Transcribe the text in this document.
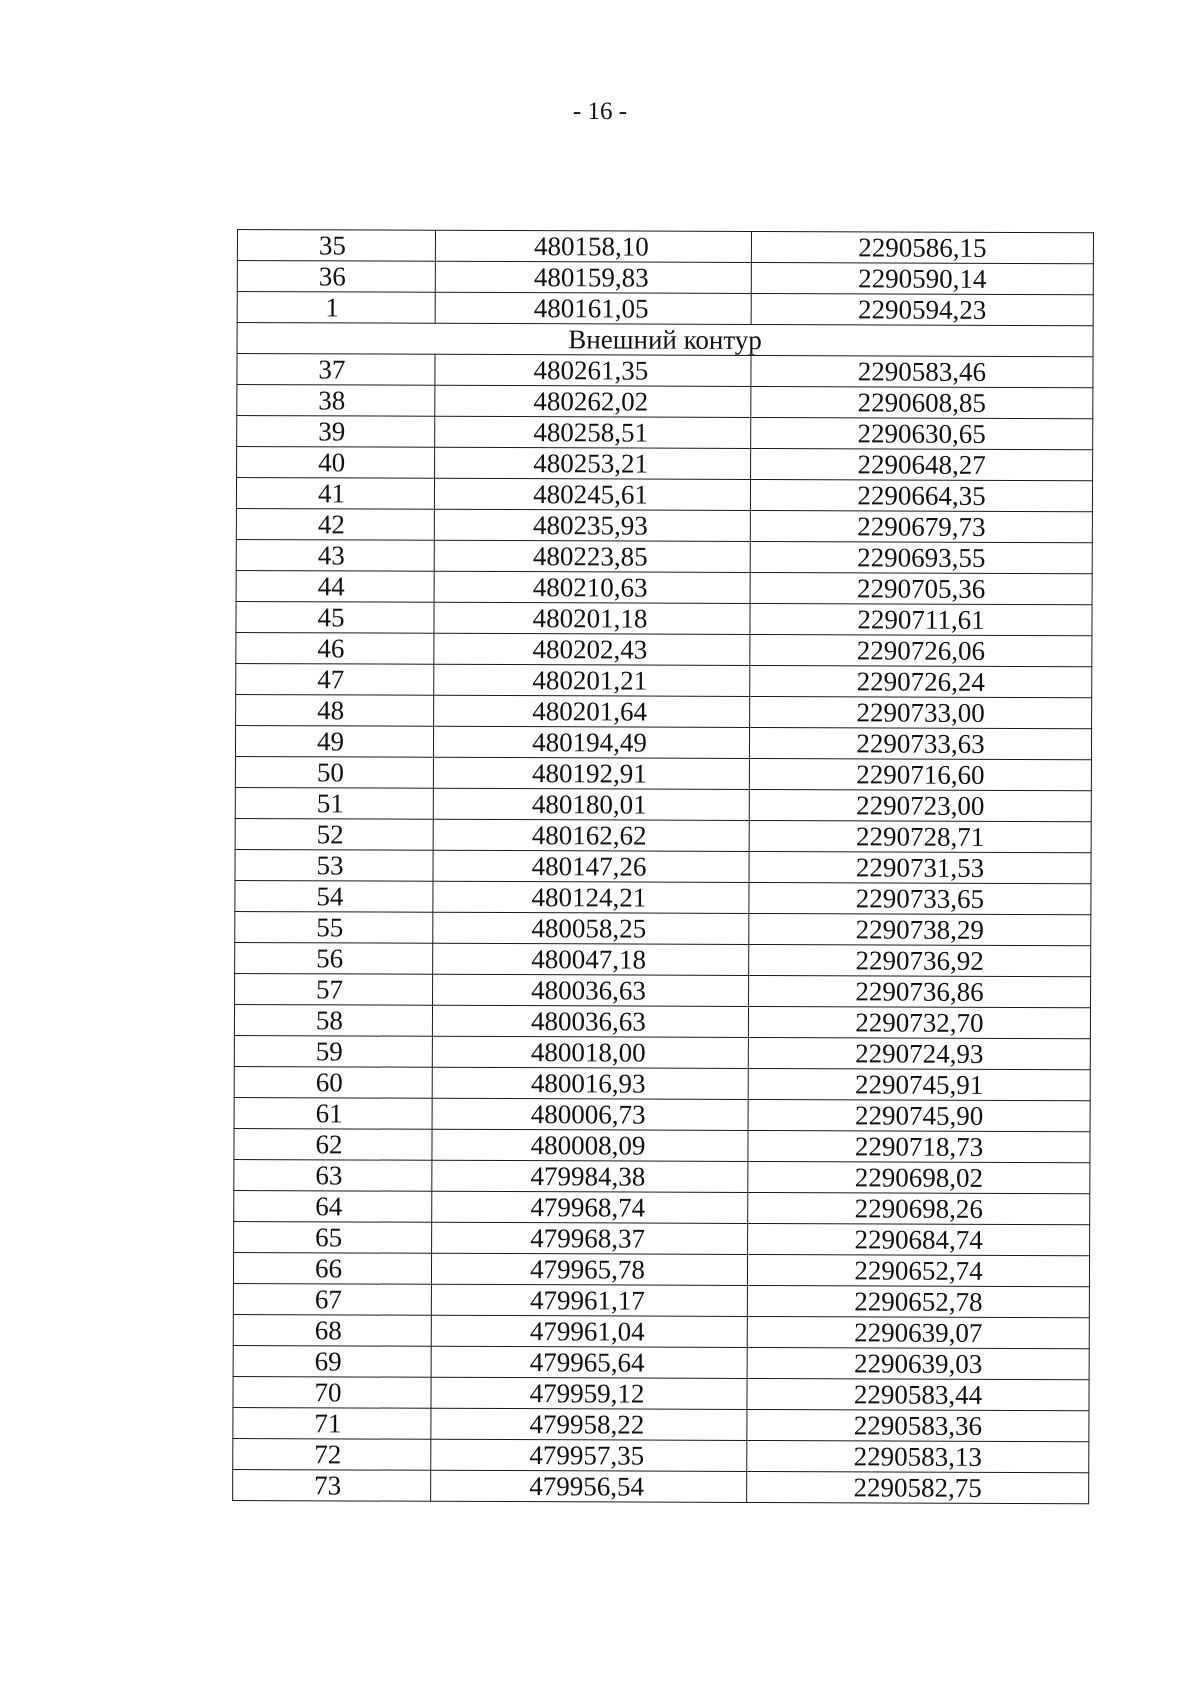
- 16 -
35	480158,10	2290586,15
36	480159,83	2290590,14
1	480161,05	2290594,23
Внешний контур		
37	480261,35	2290583,46
38	480262,02	2290608,85
39	480258,51	2290630,65
40	480253,21	2290648,27
41	480245,61	2290664,35
42	480235,93	2290679,73
43	480223,85	2290693,55
44	480210,63	2290705,36
45	480201,18	2290711,61
46	480202,43	2290726,06
47	480201,21	2290726,24
48	480201,64	2290733,00
49	480194,49	2290733,63
50	480192,91	2290716,60
51	480180,01	2290723,00
52	480162,62	2290728,71
53	480147,26	2290731,53
54	480124,21	2290733,65
55	480058,25	2290738,29
56	480047,18	2290736,92
57	480036,63	2290736,86
58	480036,63	2290732,70
59	480018,00	2290724,93
60	480016,93	2290745,91
61	480006,73	2290745,90
62	480008,09	2290718,73
63	479984,38	2290698,02
64	479968,74	2290698,26
65	479968,37	2290684,74
66	479965,78	2290652,74
67	479961,17	2290652,78
68	479961,04	2290639,07
69	479965,64	2290639,03
70	479959,12	2290583,44
71	479958,22	2290583,36
72	479957,35	2290583,13
73	479956,54	2290582,75
